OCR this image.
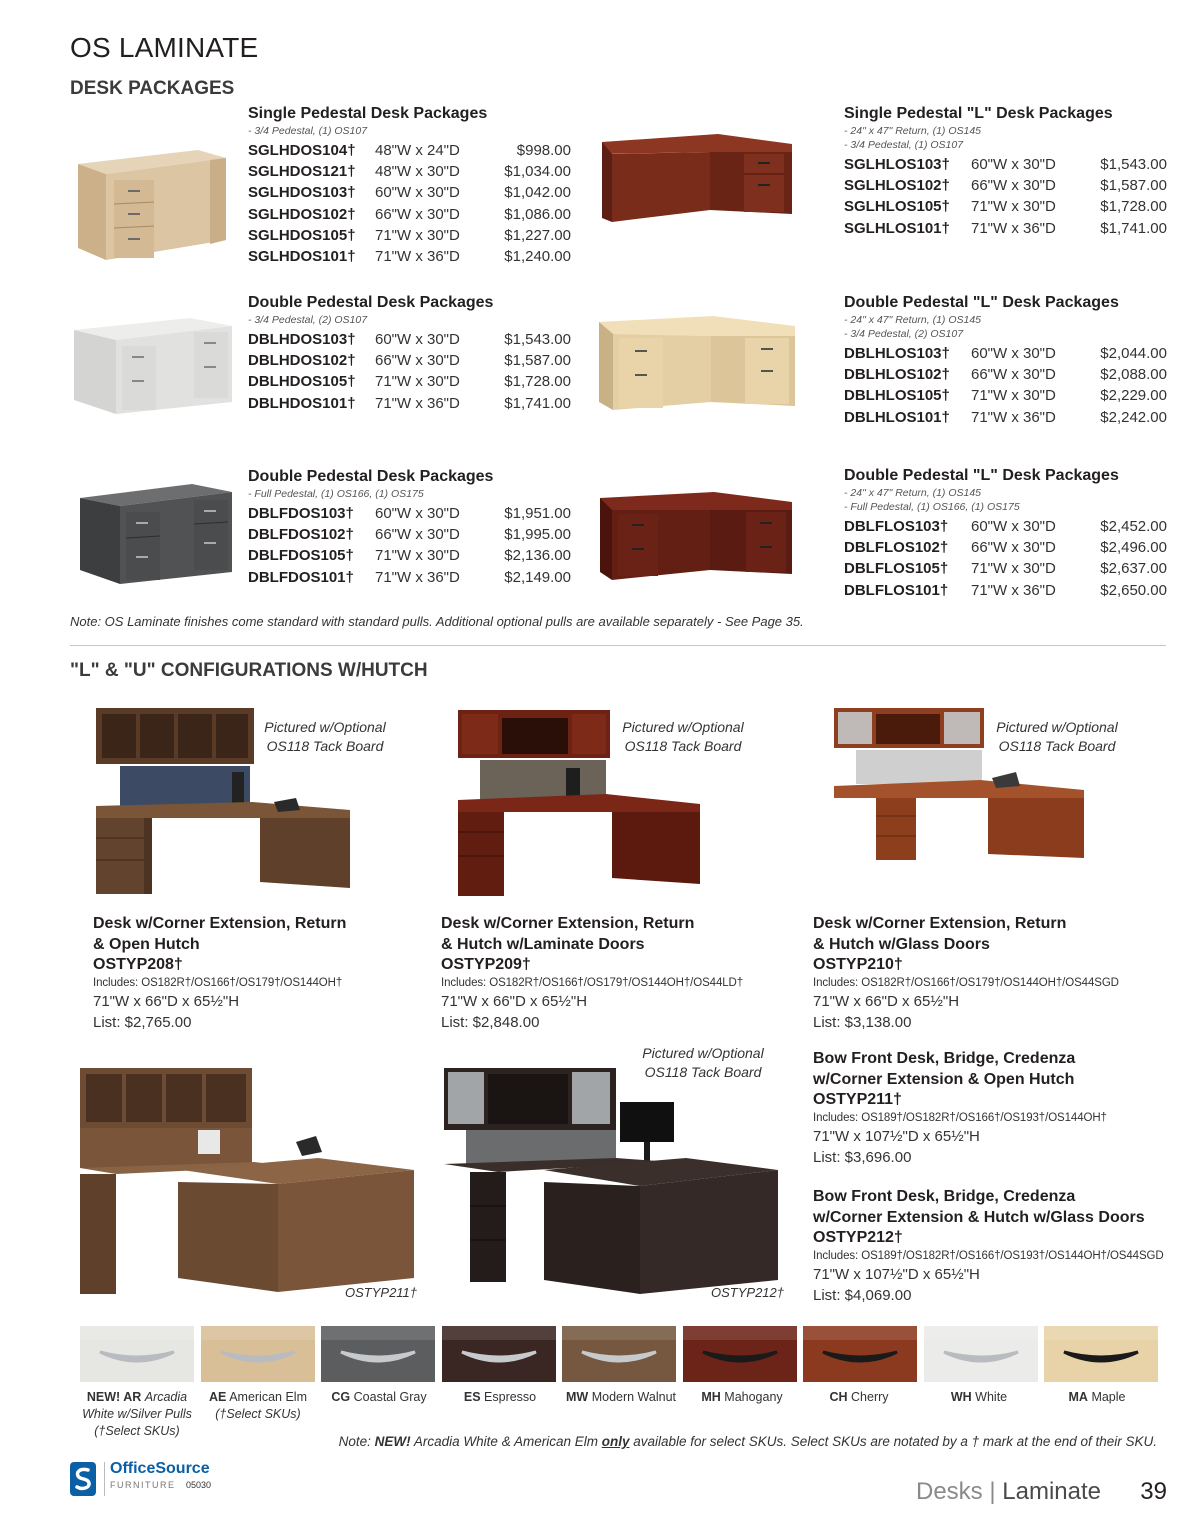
OS LAMINATE
DESK PACKAGES
Single Pedestal Desk Packages
- 3/4 Pedestal, (1) OS107
SGLHDOS104†	48"W x 24"D	$998.00
SGLHDOS121†	48"W x 30"D	$1,034.00
SGLHDOS103†	60"W x 30"D	$1,042.00
SGLHDOS102†	66"W x 30"D	$1,086.00
SGLHDOS105†	71"W x 30"D	$1,227.00
SGLHDOS101†	71"W x 36"D	$1,240.00
Single Pedestal "L" Desk Packages
- 24" x 47" Return, (1) OS145
- 3/4 Pedestal, (1) OS107
SGLHLOS103†	60"W x 30"D	$1,543.00
SGLHLOS102†	66"W x 30"D	$1,587.00
SGLHLOS105†	71"W x 30"D	$1,728.00
SGLHLOS101†	71"W x 36"D	$1,741.00
Double Pedestal Desk Packages
- 3/4 Pedestal, (2) OS107
DBLHDOS103†	60"W x 30"D	$1,543.00
DBLHDOS102†	66"W x 30"D	$1,587.00
DBLHDOS105†	71"W x 30"D	$1,728.00
DBLHDOS101†	71"W x 36"D	$1,741.00
Double Pedestal "L" Desk Packages
- 24" x 47" Return, (1) OS145
- 3/4 Pedestal, (2) OS107
DBLHLOS103†	60"W x 30"D	$2,044.00
DBLHLOS102†	66"W x 30"D	$2,088.00
DBLHLOS105†	71"W x 30"D	$2,229.00
DBLHLOS101†	71"W x 36"D	$2,242.00
Double Pedestal Desk Packages
- Full Pedestal, (1) OS166, (1) OS175
DBLFDOS103†	60"W x 30"D	$1,951.00
DBLFDOS102†	66"W x 30"D	$1,995.00
DBLFDOS105†	71"W x 30"D	$2,136.00
DBLFDOS101†	71"W x 36"D	$2,149.00
Double Pedestal "L" Desk Packages
- 24" x 47" Return, (1) OS145
- Full Pedestal, (1) OS166, (1) OS175
DBLFLOS103†	60"W x 30"D	$2,452.00
DBLFLOS102†	66"W x 30"D	$2,496.00
DBLFLOS105†	71"W x 30"D	$2,637.00
DBLFLOS101†	71"W x 36"D	$2,650.00
Note: OS Laminate finishes come standard with standard pulls. Additional optional pulls are available separately - See Page 35.
"L" & "U" CONFIGURATIONS W/HUTCH
Pictured w/Optional
OS118 Tack Board
Pictured w/Optional
OS118 Tack Board
Pictured w/Optional
OS118 Tack Board
Pictured w/Optional
OS118 Tack Board
OSTYP211†	OSTYP212†
Desk w/Corner Extension, Return
& Open Hutch
OSTYP208†
Includes: OS182R†/OS166†/OS179†/OS144OH†
71"W x 66"D x 65½"H
List: $2,765.00
Desk w/Corner Extension, Return
& Hutch w/Laminate Doors
OSTYP209†
Includes: OS182R†/OS166†/OS179†/OS144OH†/OS44LD†
71"W x 66"D x 65½"H
List: $2,848.00
Desk w/Corner Extension, Return
& Hutch w/Glass Doors
OSTYP210†
Includes: OS182R†/OS166†/OS179†/OS144OH†/OS44SGD
71"W x 66"D x 65½"H
List: $3,138.00
Bow Front Desk, Bridge, Credenza
w/Corner Extension & Open Hutch
OSTYP211†
Includes: OS189†/OS182R†/OS166†/OS193†/OS144OH†
71"W x 107½"D x 65½"H
List: $3,696.00
Bow Front Desk, Bridge, Credenza
w/Corner Extension & Hutch w/Glass Doors
OSTYP212†
Includes: OS189†/OS182R†/OS166†/OS193†/OS144OH†/OS44SGD
71"W x 107½"D x 65½"H
List: $4,069.00
NEW! AR Arcadia White w/Silver Pulls
(†Select SKUs)
AE American Elm
(†Select SKUs)
CG Coastal Gray	ES Espresso	MW Modern Walnut	MH Mahogany	CH Cherry	WH White	MA Maple
Note: NEW! Arcadia White & American Elm only available for select SKUs. Select SKUs are notated by a † mark at the end of their SKU.
OfficeSource
FURNITURE 05030	Desks | Laminate 39
